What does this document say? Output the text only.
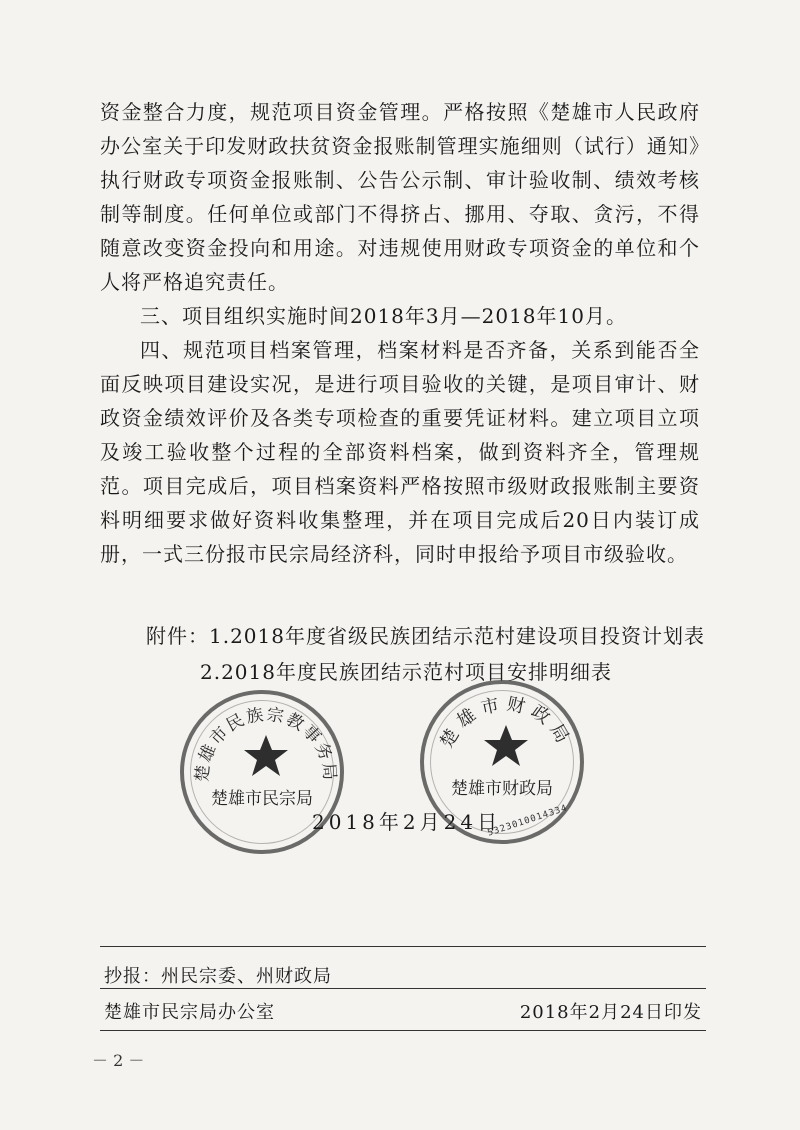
资金整合力度，规范项目资金管理。严格按照《楚雄市人民政府办公室关于印发财政扶贫资金报账制管理实施细则（试行）通知》执行财政专项资金报账制、公告公示制、审计验收制、绩效考核制等制度。任何单位或部门不得挤占、挪用、夺取、贪污，不得随意改变资金投向和用途。对违规使用财政专项资金的单位和个人将严格追究责任。

三、项目组织实施时间2018年3月—2018年10月。

四、规范项目档案管理，档案材料是否齐备，关系到能否全面反映项目建设实况，是进行项目验收的关键，是项目审计、财政资金绩效评价及各类专项检查的重要凭证材料。建立项目立项及竣工验收整个过程的全部资料档案，做到资料齐全，管理规范。项目完成后，项目档案资料严格按照市级财政报账制主要资料明细要求做好资料收集整理，并在项目完成后20日内装订成册，一式三份报市民宗局经济科，同时申报给予项目市级验收。

附件：1.2018年度省级民族团结示范村建设项目投资计划表
2.2018年度民族团结示范村项目安排明细表
楚雄市民族宗教事务局
楚雄市民宗局
楚雄市财政局
楚雄市财政局
5323010014334
2018年2月24日
抄报：州民宗委、州财政局
楚雄市民宗局办公室	2018年2月24日印发
－ 2 －
